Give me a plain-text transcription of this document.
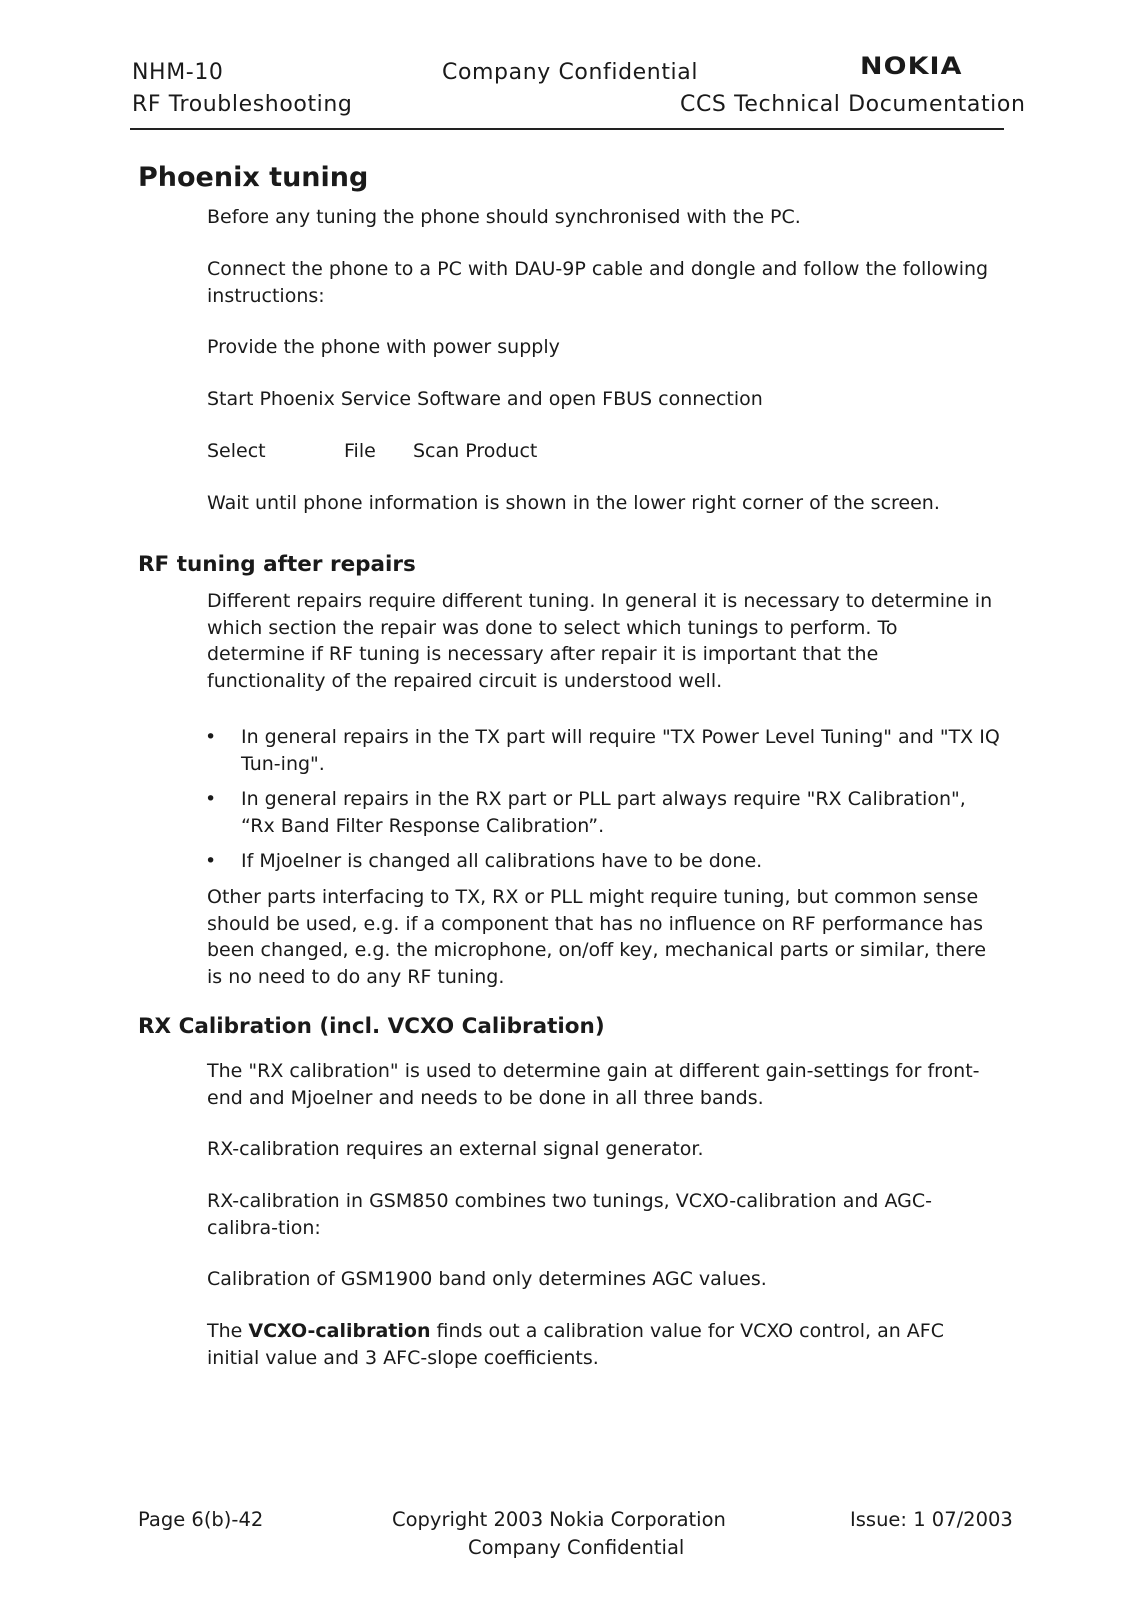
NHM-10	Company Confidential	NOKIA
RF Troubleshooting	CCS Technical Documentation
Phoenix tuning
Before any tuning the phone should synchronised with the PC.
Connect the phone to a PC with DAU-9P cable and dongle and follow the following instructions:
Provide the phone with power supply
Start Phoenix Service Software and open FBUS connection
Select	File Scan Product
Wait until phone information is shown in the lower right corner of the screen.
RF tuning after repairs
Different repairs require different tuning. In general it is necessary to determine in which section the repair was done to select which tunings to perform. To determine if RF tuning is necessary after repair it is important that the functionality of the repaired circuit is understood well.
• In general repairs in the TX part will require "TX Power Level Tuning" and "TX IQ Tun-ing".
• In general repairs in the RX part or PLL part always require "RX Calibration", “Rx Band Filter Response Calibration”.
• If Mjoelner is changed all calibrations have to be done.
Other parts interfacing to TX, RX or PLL might require tuning, but common sense should be used, e.g. if a component that has no influence on RF performance has been changed, e.g. the microphone, on/off key, mechanical parts or similar, there is no need to do any RF tuning.
RX Calibration (incl. VCXO Calibration)
The "RX calibration" is used to determine gain at different gain-settings for front-end and Mjoelner and needs to be done in all three bands.
RX-calibration requires an external signal generator.
RX-calibration in GSM850 combines two tunings, VCXO-calibration and AGC-calibra-tion:
Calibration of GSM1900 band only determines AGC values.
The VCXO-calibration finds out a calibration value for VCXO control, an AFC initial value and 3 AFC-slope coefficients.
Page 6(b)-42	Copyright 2003 Nokia Corporation	Issue: 1 07/2003
Company Confidential
